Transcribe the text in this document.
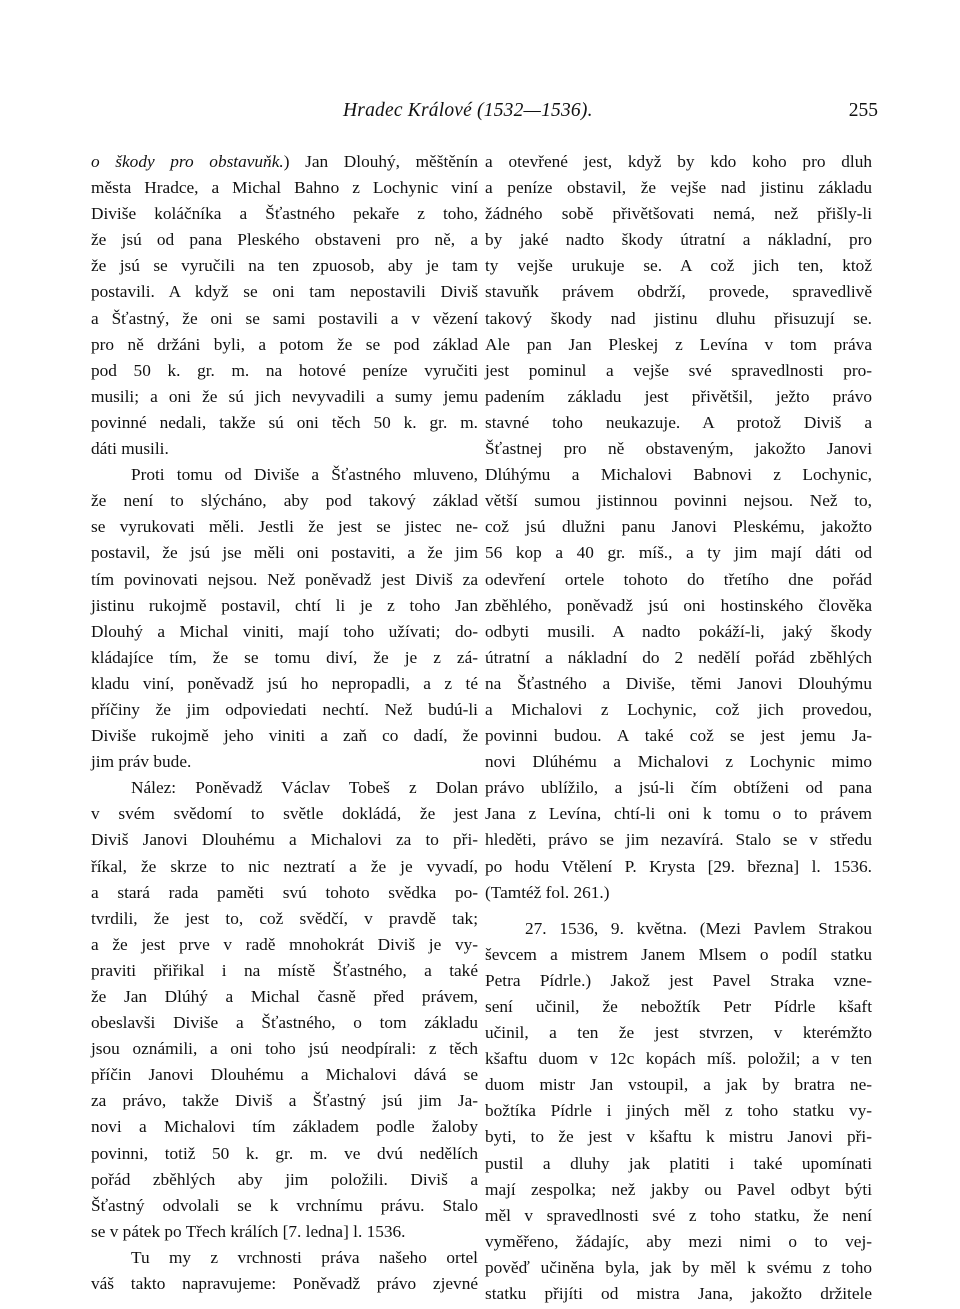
Hradec Králové (1532—1536).	255
o škody pro obstavuňk.) Jan Dlouhý, měštěnín
města Hradce, a Michal Bahno z Lochynic viní
Diviše koláčníka a Šťastného pekaře z toho,
že jsú od pana Pleského obstaveni pro ně, a
že jsú se vyručili na ten zpuosob, aby je tam
postavili. A když se oni tam nepostavili Diviš
a Šťastný, že oni se sami postavili a v vězení
pro ně držáni byli, a potom že se pod základ
pod 50 k. gr. m. na hotové peníze vyručiti
musili; a oni že sú jich nevyvadili a sumy jemu
povinné nedali, takže sú oni těch 50 k. gr. m.
dáti musili.
Proti tomu od Diviše a Šťastného mluveno,
že není to slýcháno, aby pod takový základ
se vyrukovati měli. Jestli že jest se jistec ne-
postavil, že jsú jse měli oni postaviti, a že jim
tím povinovati nejsou. Než poněvadž jest Diviš za
jistinu rukojmě postavil, chtí li je z toho Jan
Dlouhý a Michal viniti, mají toho užívati; do-
kládajíce tím, že se tomu diví, že je z zá-
kladu viní, poněvadž jsú ho nepropadli, a z té
příčiny že jim odpoviedati nechtí. Než budú-li
Diviše rukojmě jeho viniti a zaň co dadí, že
jim práv bude.
Nález: Poněvadž Václav Tobeš z Dolan
v svém svědomí to světle dokládá, že jest
Diviš Janovi Dlouhému a Michalovi za to při-
říkal, že skrze to nic neztratí a že je vyvadí,
a stará rada paměti svú tohoto svědka po-
tvrdili, že jest to, což svědčí, v pravdě tak;
a že jest prve v radě mnohokrát Diviš je vy-
praviti přiřikal i na místě Šťastného, a také
že Jan Dlúhý a Michal časně před právem,
obeslavši Diviše a Šťastného, o tom základu
jsou oznámili, a oni toho jsú neodpírali: z těch
příčin Janovi Dlouhému a Michalovi dává se
za právo, takže Diviš a Šťastný jsú jim Ja-
novi a Michalovi tím základem podle žaloby
povinni, totiž 50 k. gr. m. ve dvú nedělích
pořád zběhlých aby jim položili. Diviš a
Šťastný odvolali se k vrchnímu právu. Stalo
se v pátek po Třech králích [7. ledna] l. 1536.
Tu my z vrchnosti práva našeho ortel
váš takto napravujeme: Poněvadž právo zjevné
a otevřené jest, když by kdo koho pro dluh
a peníze obstavil, že vejše nad jistinu základu
žádného sobě přivětšovati nemá, než přišly-li
by jaké nadto škody útratní a nákladní, pro
ty vejše urukuje se. A což jich ten, ktož
stavuňk právem obdrží, provede, spravedlivě
takový škody nad jistinu dluhu přisuzují se.
Ale pan Jan Pleskej z Levína v tom práva
jest pominul a vejše své spravedlnosti pro-
padením základu jest přivětšil, ježto právo
stavné toho neukazuje. A protož Diviš a
Šťastnej pro ně obstaveným, jakožto Janovi
Dlúhýmu a Michalovi Babnovi z Lochynic,
větší sumou jistinnou povinni nejsou. Než to,
což jsú dlužni panu Janovi Pleskému, jakožto
56 kop a 40 gr. míš., a ty jim mají dáti od
odevření ortele tohoto do třetího dne pořád
zběhlého, poněvadž jsú oni hostinského člověka
odbyti musili. A nadto pokáží-li, jaký škody
útratní a nákladní do 2 nedělí pořád zběhlých
na Šťastného a Diviše, těmi Janovi Dlouhýmu
a Michalovi z Lochynic, což jich provedou,
povinni budou. A také což se jest jemu Ja-
novi Dlúhému a Michalovi z Lochynic mimo
právo ublížilo, a jsú-li čím obtíženi od pana
Jana z Levína, chtí-li oni k tomu o to právem
hleděti, právo se jim nezavírá. Stalo se v středu
po hodu Vtělení P. Krysta [29. března] l. 1536.
(Tamtéž fol. 261.)
27. 1536, 9. května. (Mezi Pavlem Strakou
ševcem a mistrem Janem Mlsem o podíl statku
Petra Pídrle.) Jakož jest Pavel Straka vzne-
sení učinil, že nebožtík Petr Pídrle kšaft
učinil, a ten že jest stvrzen, v kterémžto
kšaftu duom v 12c kopách míš. položil; a v ten
duom mistr Jan vstoupil, a jak by bratra ne-
božtíka Pídrle i jiných měl z toho statku vy-
byti, to že jest v kšaftu k mistru Janovi při-
pustil a dluhy jak platiti i také upomínati
mají zespolka; než jakby ou Pavel odbyt býti
měl v spravedlnosti své z toho statku, že není
vyměřeno, žádajíc, aby mezi nimi o to vej-
pověď učiněna byla, jak by měl k svému z toho
statku přijíti od mistra Jana, jakožto držitele
